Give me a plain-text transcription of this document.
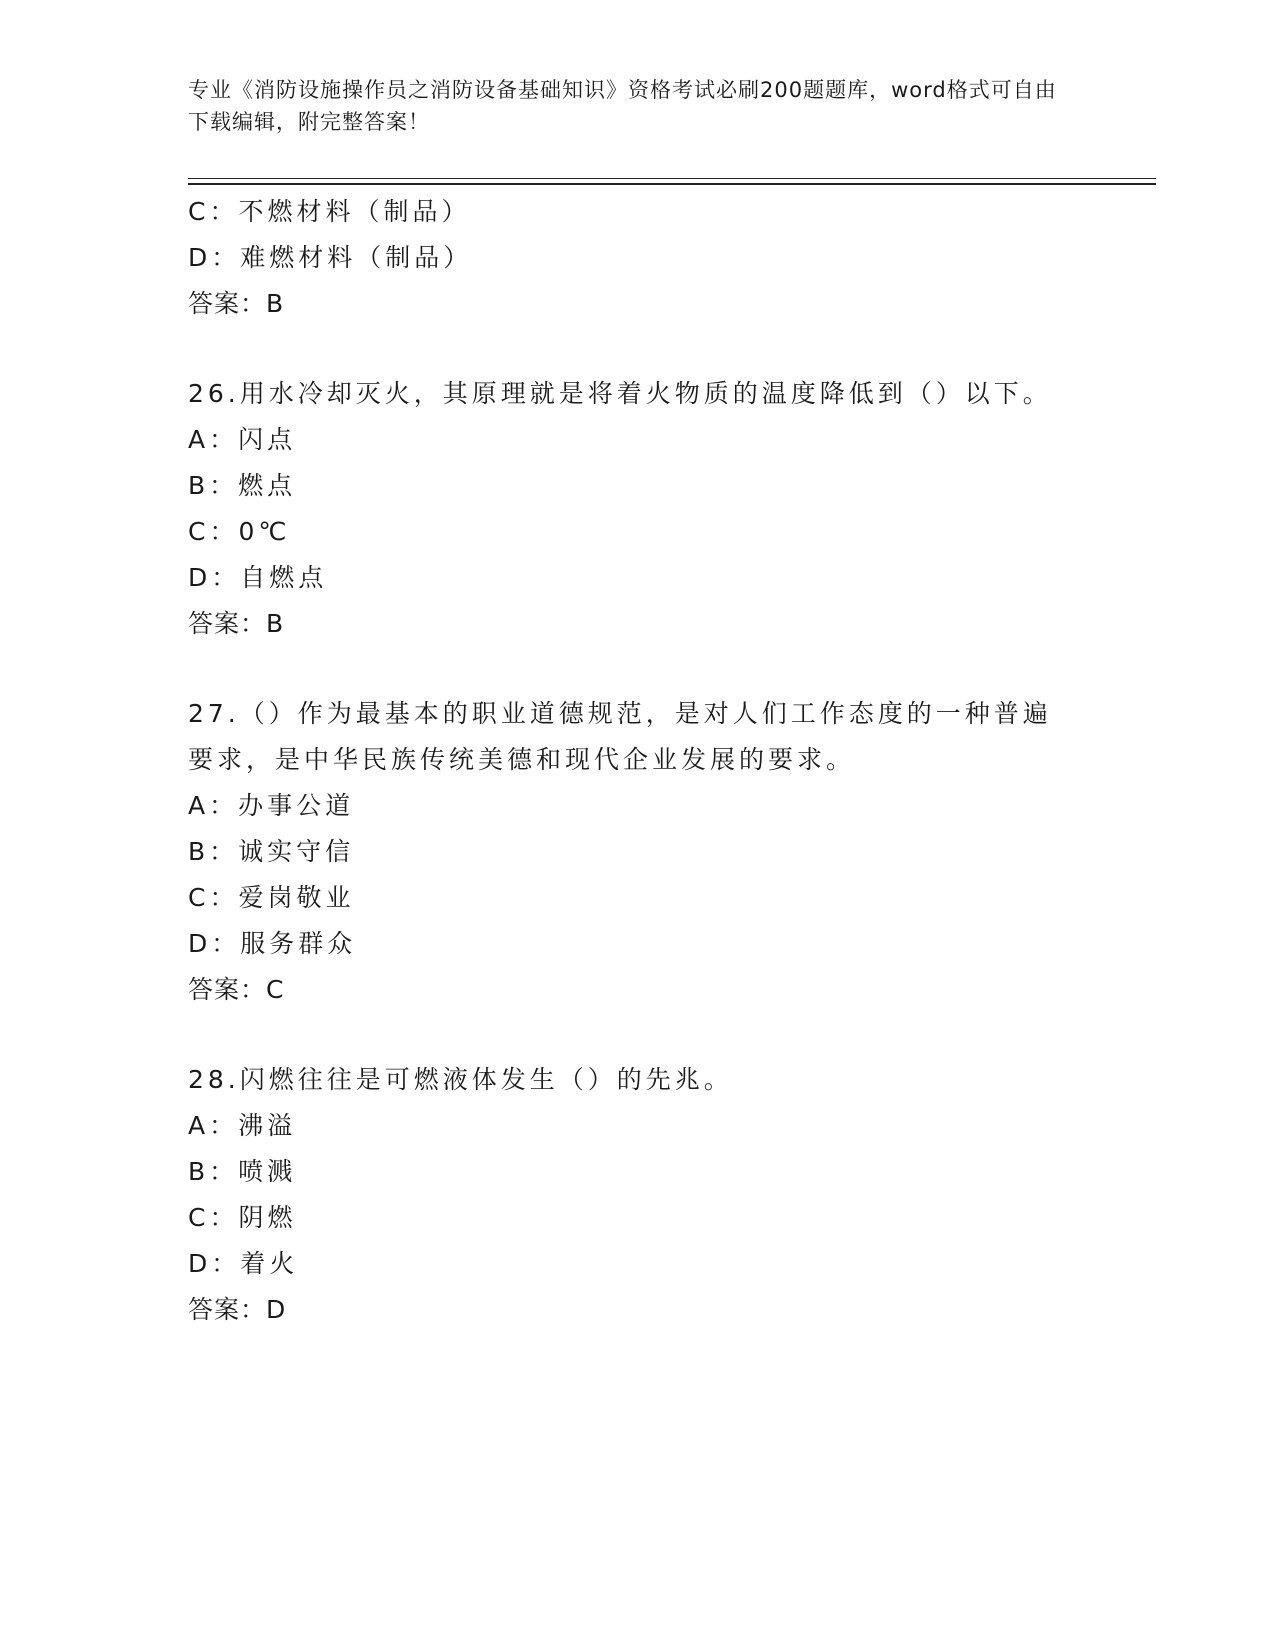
专业《消防设施操作员之消防设备基础知识》资格考试必刷200题题库，word格式可自由下载编辑，附完整答案！
C：不燃材料（制品）
D：难燃材料（制品）
答案：B
26.用水冷却灭火，其原理就是将着火物质的温度降低到（）以下。
A：闪点
B：燃点
C：0℃
D：自燃点
答案：B
27.（）作为最基本的职业道德规范，是对人们工作态度的一种普遍要求，是中华民族传统美德和现代企业发展的要求。
A：办事公道
B：诚实守信
C：爱岗敬业
D：服务群众
答案：C
28.闪燃往往是可燃液体发生（）的先兆。
A：沸溢
B：喷溅
C：阴燃
D：着火
答案：D
